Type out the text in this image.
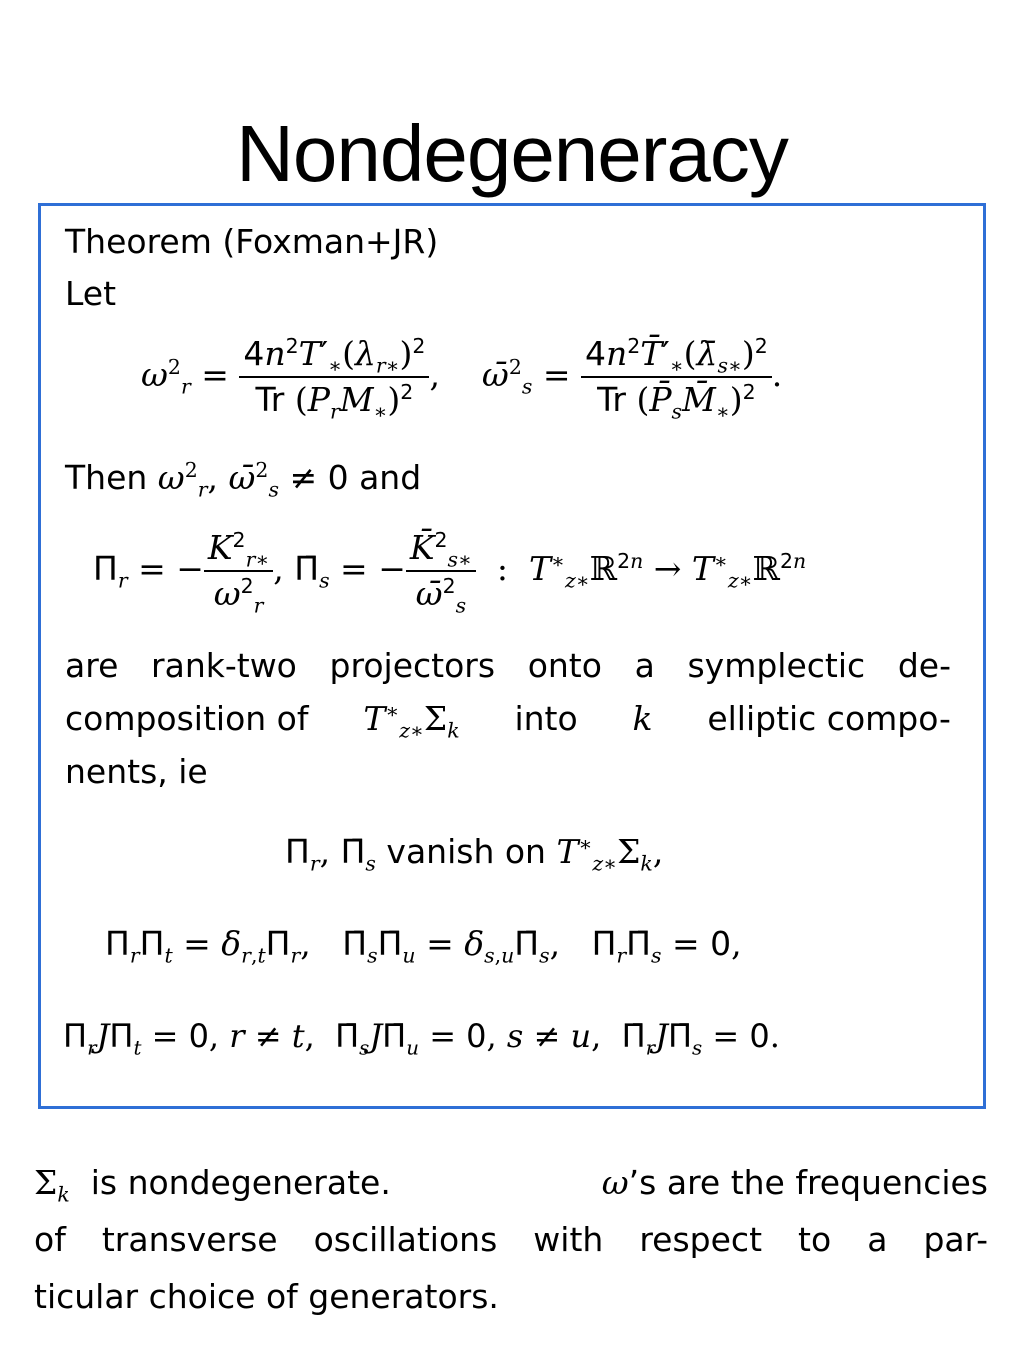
Nondegeneracy
Theorem (Foxman+JR)
Let
$\omega^2_r = \frac{4n^2T'_∗(\lambda_{r∗})^2}{Tr (P_rM_∗)^2}$ ,    ω̄$^2_s$ = $\frac{4n^2T̄'_∗(\lambdā_{s∗})^2}{Tr (P̄_sM̄_∗)^2}$ .
Then $\omega^2_r$, ω̄$^2_s$ ≠ 0 and
$\Pi_r$ = − $\frac{K^2_{r∗}}{\omega^2_r}$ , $\Pī_s$ = − $\frac{K̄^2_{s∗}}{\omegā^2_s}$ : $T^∗_{z∗}ℝ^{2n}$ → $T^∗_{z∗}ℝ^{2n}$
are rank-two projectors onto a symplectic de-
composition of $T^∗_{z∗}\Sigma_k$ into k elliptic compo-
nents, ie
$\Pi_r$, $\Pī_s$ vanish on $T^∗_{z∗}\Sigma_k$,
$\Pi_r\Pi_t = \delta_{r,t}\Pi_r$,   $\Pī_s\Pī_u$ = $\delta_{s,u}\Pī_s$,   $\Pi_r\Pī_s = 0$,
$\Pi_rJ\Pi_t = 0$, r ≠ t,  $\Pī_sJ\Pī_u = 0$, s ≠ u,  $\Pī_rJ\Pī_s = 0$.
$\Sigma_k$ is nondegenerate.	ω’s are the frequencies
of transverse oscillations with respect to a par-
ticular choice of generators.
